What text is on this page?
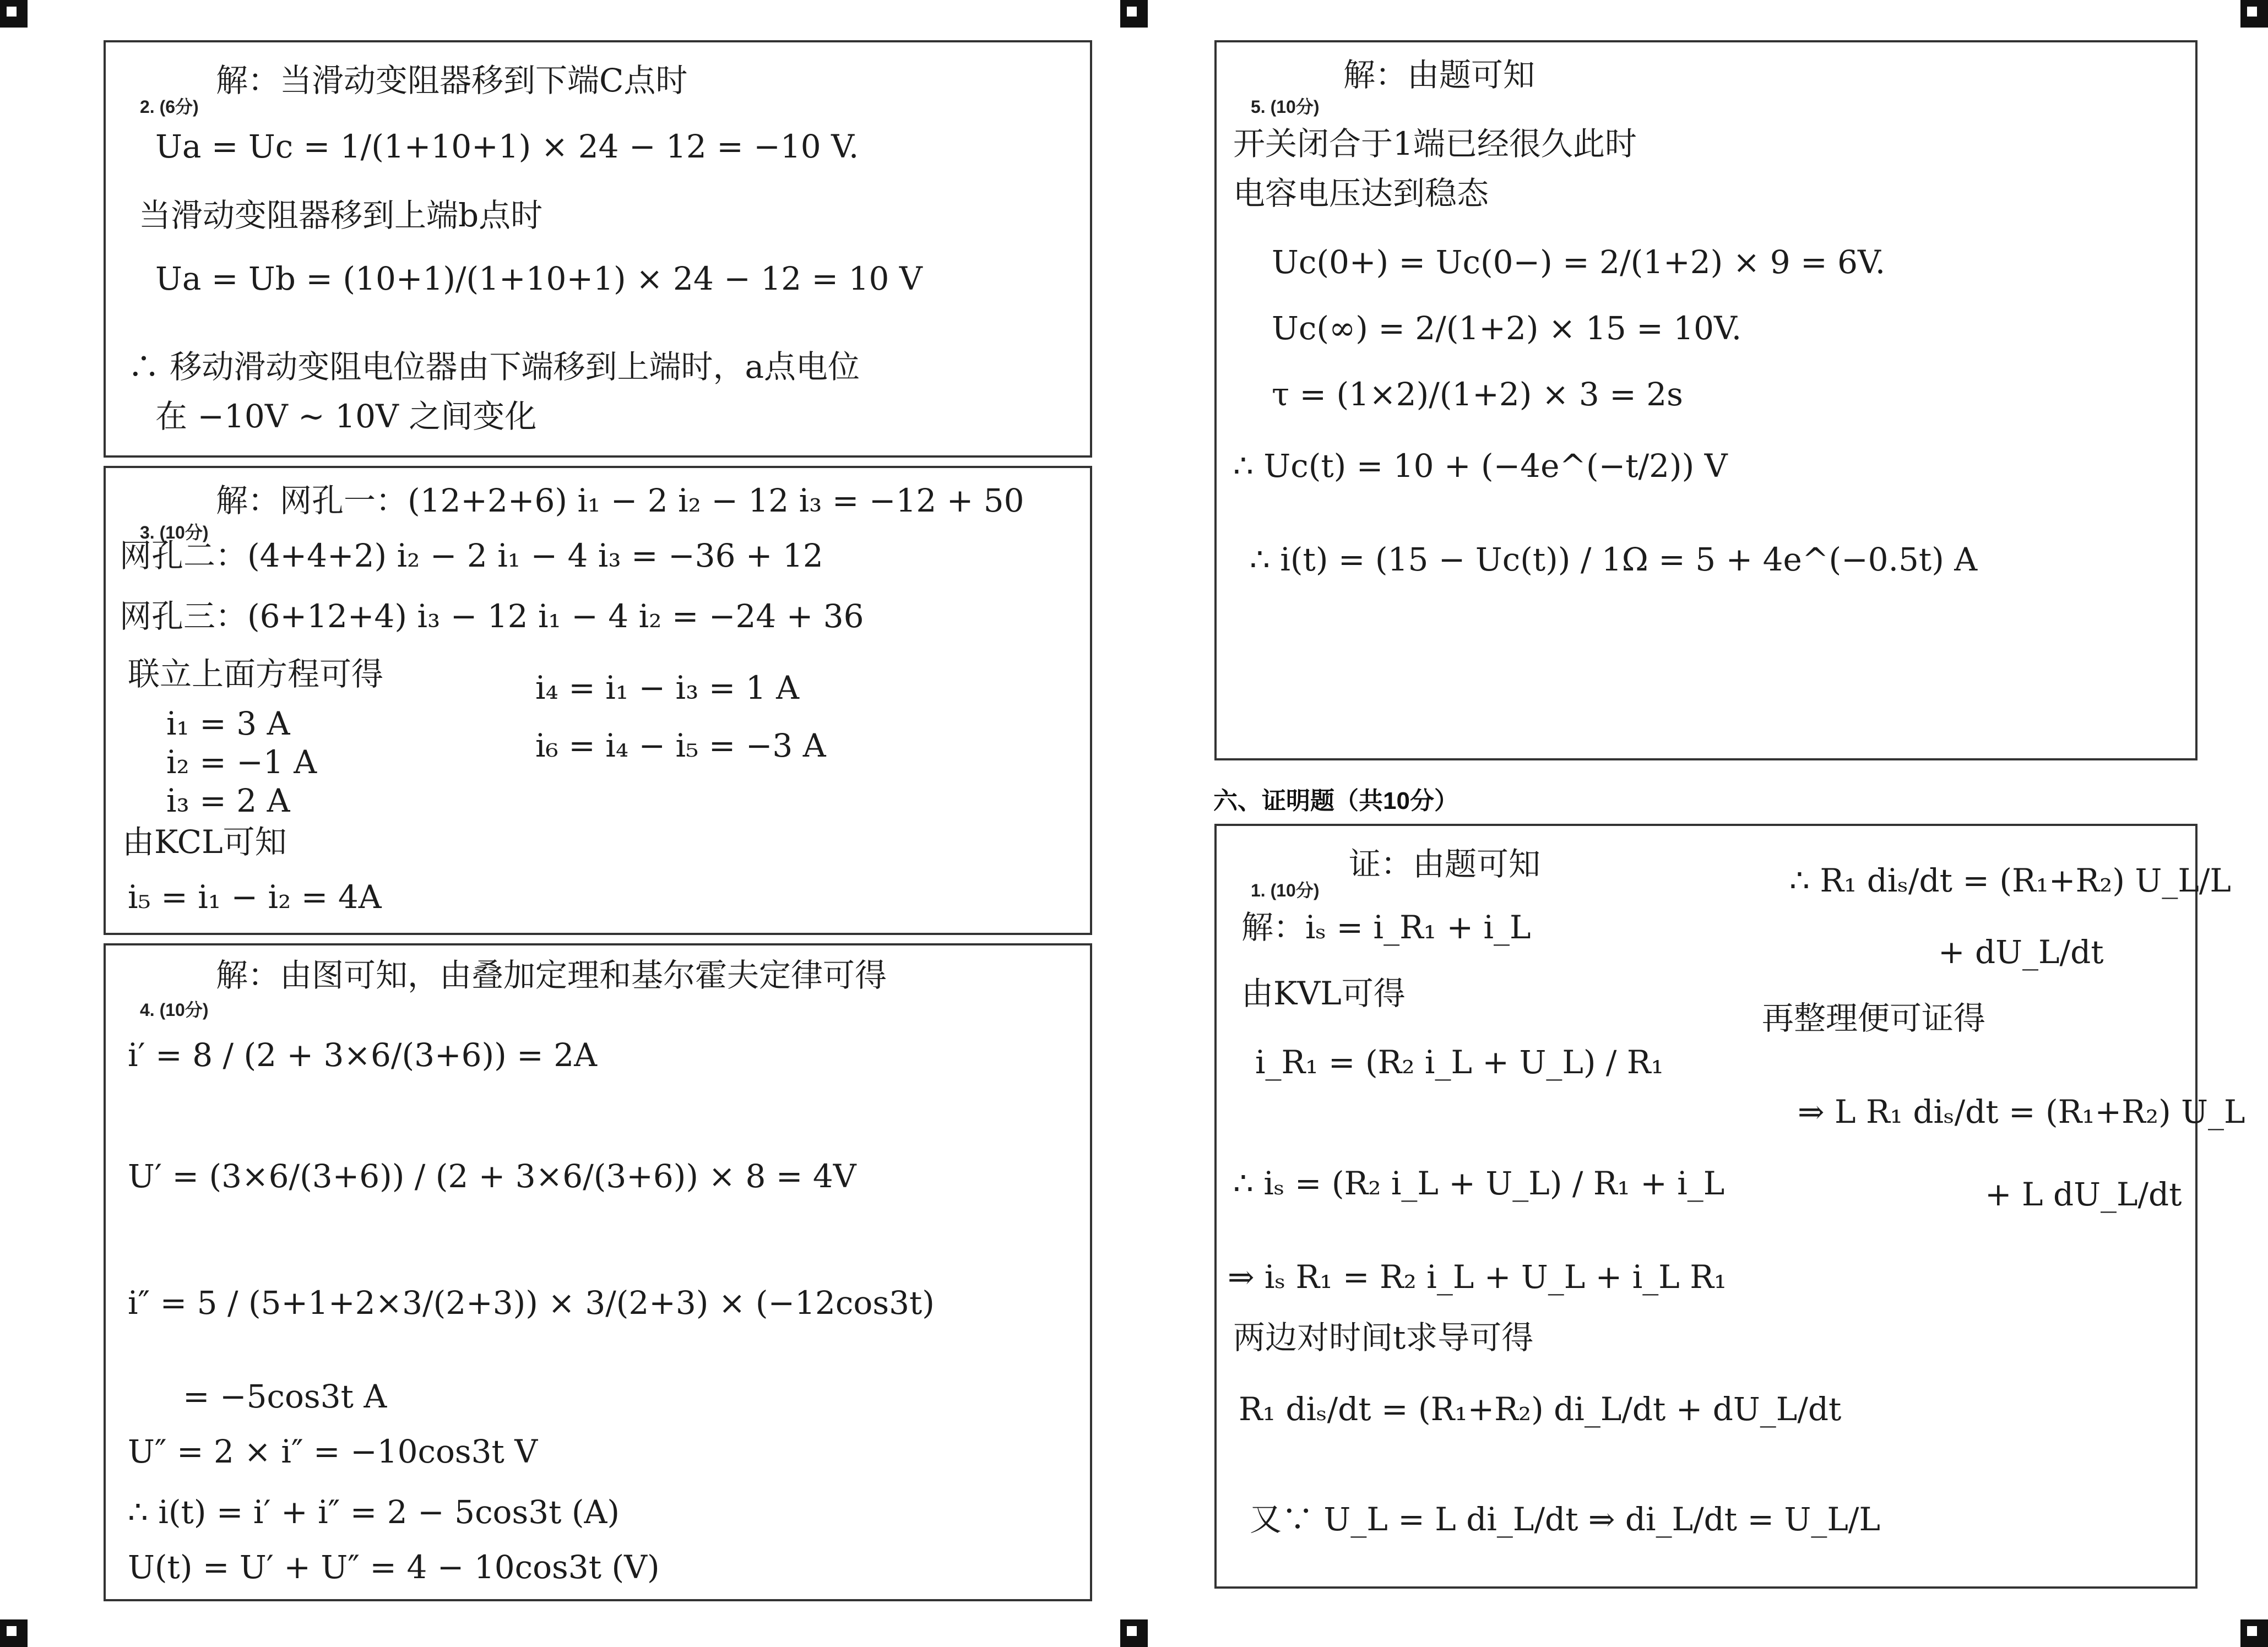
2. (6分)
解：当滑动变阻器移到下端C点时
Ua = Uc = 1/(1+10+1) × 24 − 12 = −10 V.
当滑动变阻器移到上端b点时
Ua = Ub = (10+1)/(1+10+1) × 24 − 12 = 10 V
∴ 移动滑动变阻电位器由下端移到上端时，a点电位
在 −10V ~ 10V 之间变化
3. (10分)
解：网孔一：(12+2+6) i₁ − 2 i₂ − 12 i₃ = −12 + 50
网孔二：(4+4+2) i₂ − 2 i₁ − 4 i₃ = −36 + 12
网孔三：(6+12+4) i₃ − 12 i₁ − 4 i₂ = −24 + 36
联立上面方程可得
i₁ = 3 A
i₂ = −1 A
i₃ = 2 A
由KCL可知
i₅ = i₁ − i₂ = 4A
i₄ = i₁ − i₃ = 1 A
i₆ = i₄ − i₅ = −3 A
4. (10分)
解：由图可知，由叠加定理和基尔霍夫定律可得
i′ = 8 / (2 + 3×6/(3+6)) = 2A
U′ = (3×6/(3+6)) / (2 + 3×6/(3+6)) × 8 = 4V
i″ = 5 / (5+1+2×3/(2+3)) × 3/(2+3) × (−12cos3t)
= −5cos3t A
U″ = 2 × i″ = −10cos3t V
∴ i(t) = i′ + i″ = 2 − 5cos3t (A)
U(t) = U′ + U″ = 4 − 10cos3t (V)
5. (10分)
解：由题可知
开关闭合于1端已经很久此时
电容电压达到稳态
Uc(0+) = Uc(0−) = 2/(1+2) × 9 = 6V.
Uc(∞) = 2/(1+2) × 15 = 10V.
τ = (1×2)/(1+2) × 3 = 2s
∴ Uc(t) = 10 + (−4e^(−t/2)) V
∴ i(t) = (15 − Uc(t)) / 1Ω = 5 + 4e^(−0.5t) A
六、证明题（共10分）
1. (10分)
证：由题可知
解：iₛ = i_R₁ + i_L
由KVL可得
i_R₁ = (R₂ i_L + U_L) / R₁
∴ iₛ = (R₂ i_L + U_L) / R₁ + i_L
⇒ iₛ R₁ = R₂ i_L + U_L + i_L R₁
两边对时间t求导可得
R₁ diₛ/dt = (R₁+R₂) di_L/dt + dU_L/dt
又∵ U_L = L di_L/dt ⇒ di_L/dt = U_L/L
∴ R₁ diₛ/dt = (R₁+R₂) U_L/L
+ dU_L/dt
再整理便可证得
⇒ L R₁ diₛ/dt = (R₁+R₂) U_L
+ L dU_L/dt
